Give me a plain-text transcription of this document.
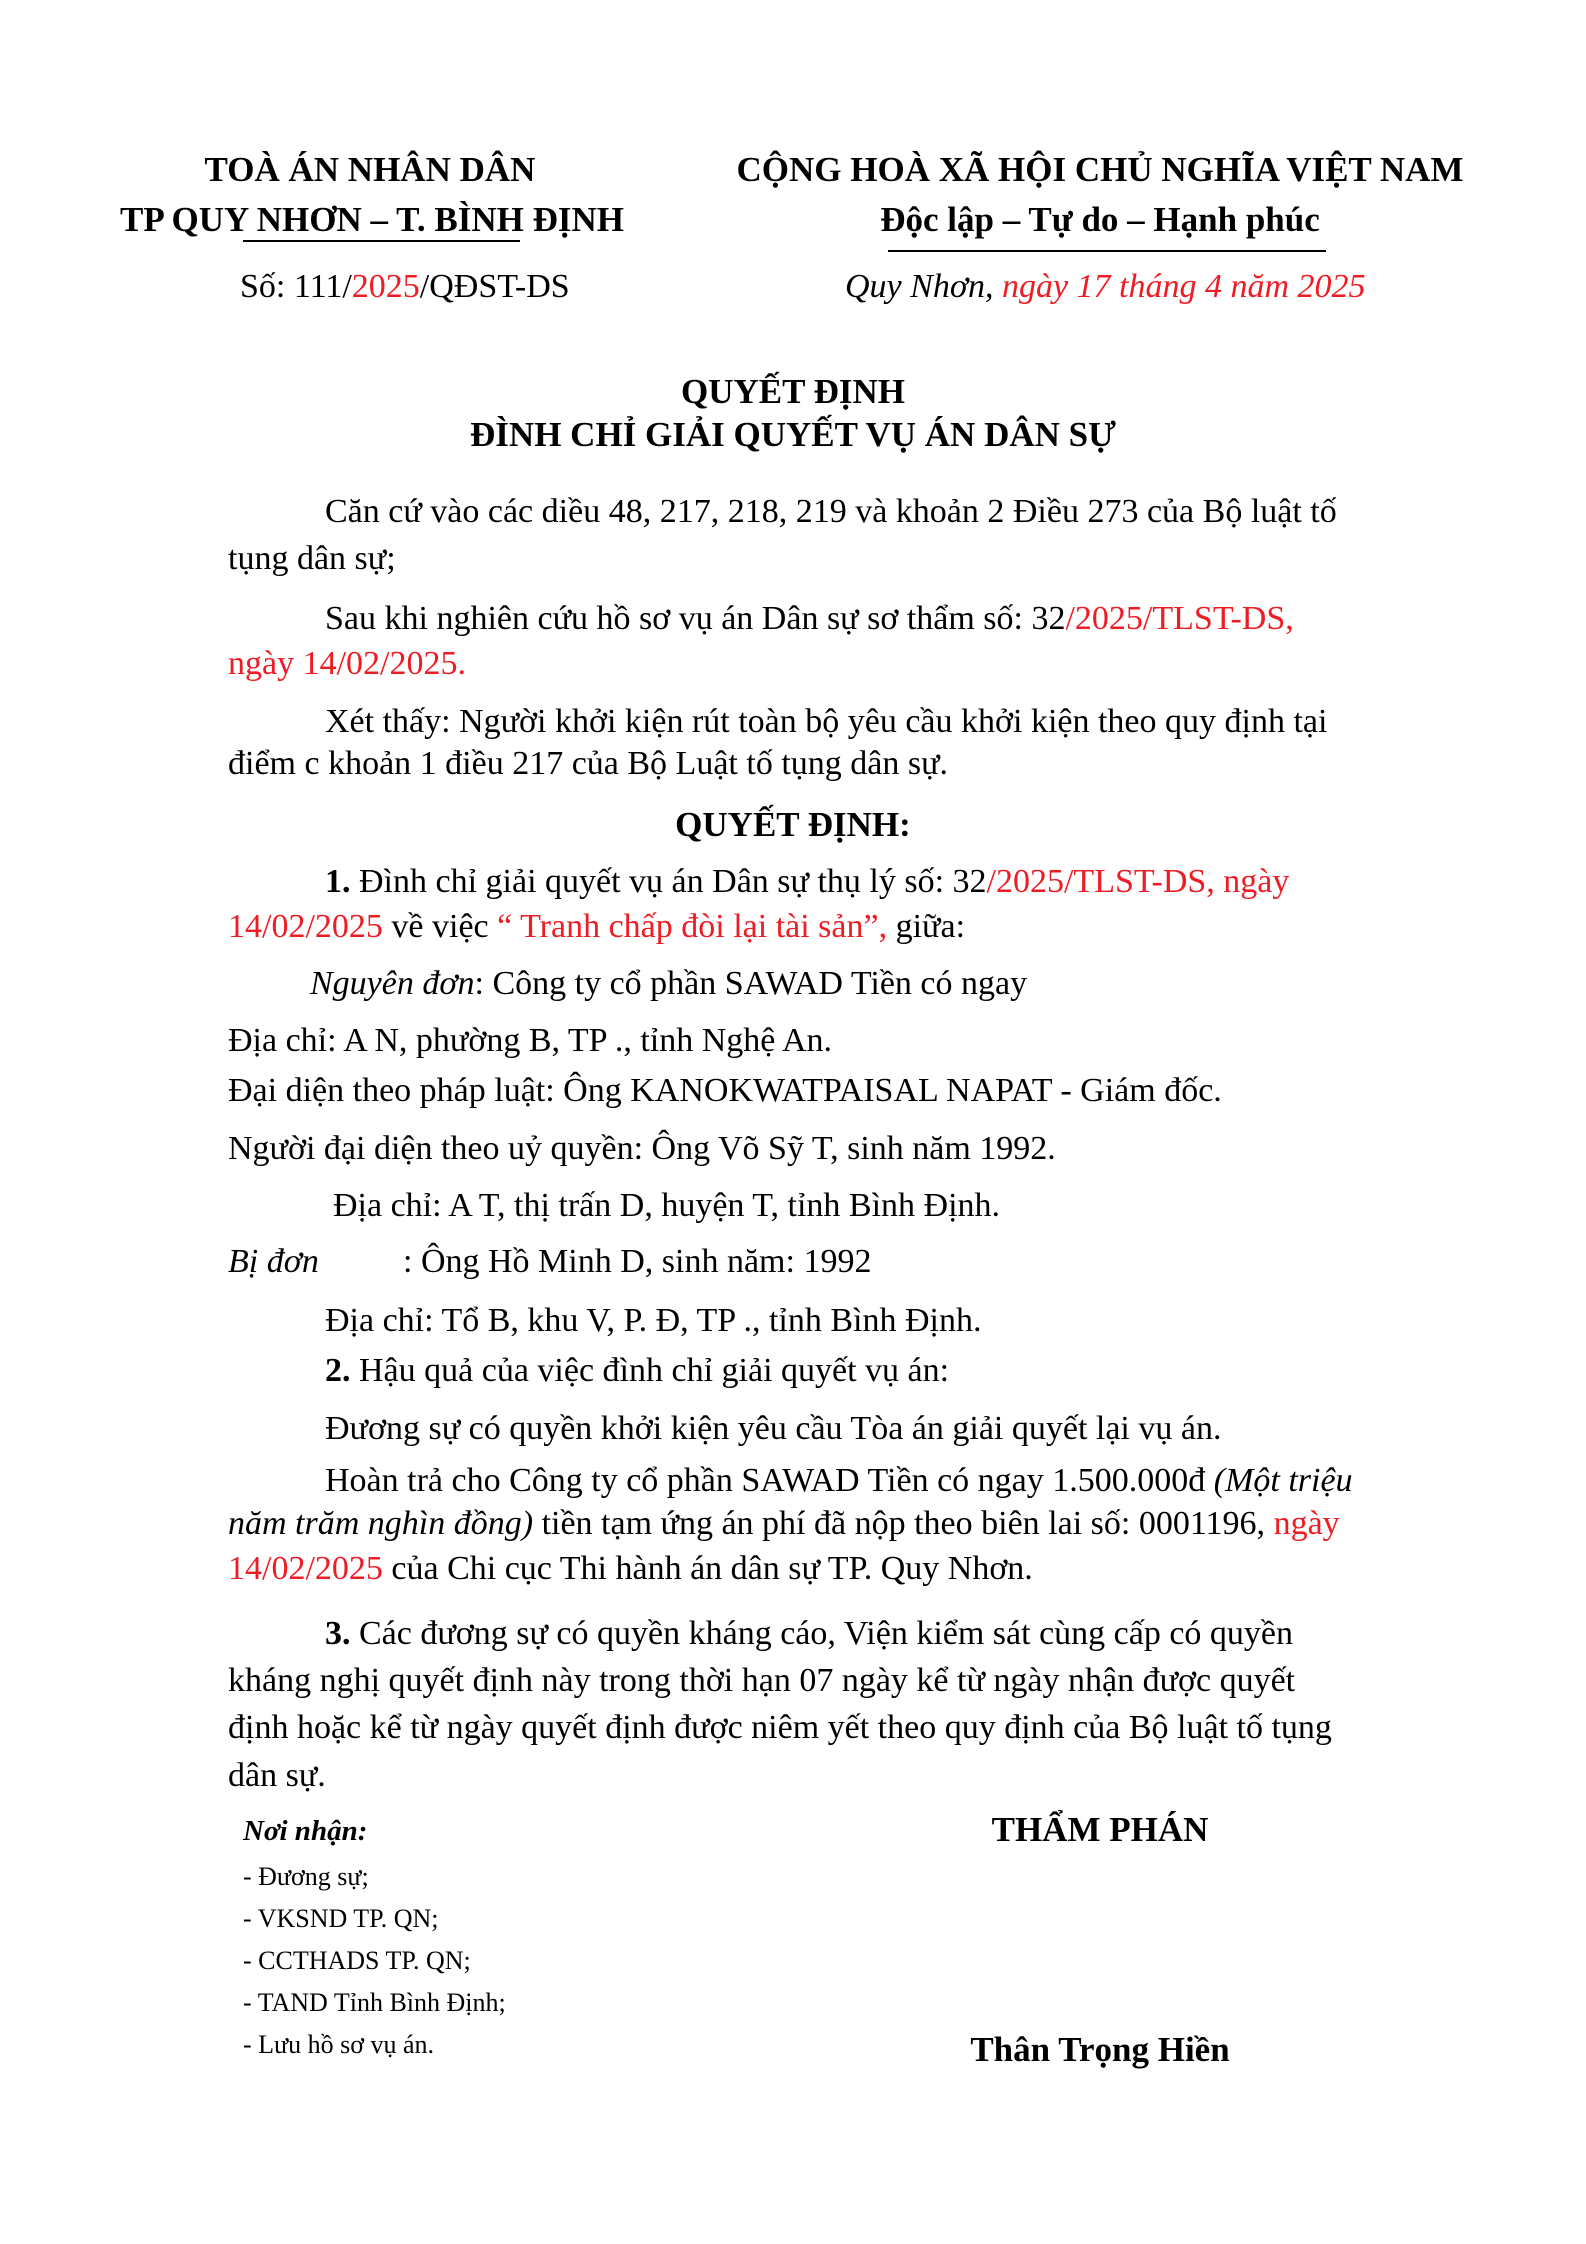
TOÀ ÁN NHÂN DÂN
TP QUY NHƠN – T. BÌNH ĐỊNH
Số: 111/2025/QĐST-DS
CỘNG HOÀ XÃ HỘI CHỦ NGHĨA VIỆT NAM
Độc lập – Tự do – Hạnh phúc
Quy Nhơn, ngày 17 tháng 4 năm 2025
QUYẾT ĐỊNH
ĐÌNH CHỈ GIẢI QUYẾT VỤ ÁN DÂN SỰ
Căn cứ vào các diều 48, 217, 218, 219 và khoản 2 Điều 273 của Bộ luật tố
tụng dân sự;
Sau khi nghiên cứu hồ sơ vụ án Dân sự sơ thẩm số: 32/2025/TLST-DS,
ngày 14/02/2025.
Xét thấy: Người khởi kiện rút toàn bộ yêu cầu khởi kiện theo quy định tại
điểm c khoản 1 điều 217 của Bộ Luật tố tụng dân sự.
QUYẾT ĐỊNH:
1. Đình chỉ giải quyết vụ án Dân sự thụ lý số: 32/2025/TLST-DS, ngày
14/02/2025 về việc “ Tranh chấp đòi lại tài sản”, giữa:
Nguyên đơn: Công ty cổ phần SAWAD Tiền có ngay
Địa chỉ: A N, phường B, TP ., tỉnh Nghệ An.
Đại diện theo pháp luật: Ông KANOKWATPAISAL NAPAT - Giám đốc.
Người đại diện theo uỷ quyền: Ông Võ Sỹ T, sinh năm 1992.
Địa chỉ: A T, thị trấn D, huyện T, tỉnh Bình Định.
Bị đơn : Ông Hồ Minh D, sinh năm: 1992
Địa chỉ: Tổ B, khu V, P. Đ, TP ., tỉnh Bình Định.
2. Hậu quả của việc đình chỉ giải quyết vụ án:
Đương sự có quyền khởi kiện yêu cầu Tòa án giải quyết lại vụ án.
Hoàn trả cho Công ty cổ phần SAWAD Tiền có ngay 1.500.000đ (Một triệu
năm trăm nghìn đồng) tiền tạm ứng án phí đã nộp theo biên lai số: 0001196, ngày
14/02/2025 của Chi cục Thi hành án dân sự TP. Quy Nhơn.
3. Các đương sự có quyền kháng cáo, Viện kiểm sát cùng cấp có quyền
kháng nghị quyết định này trong thời hạn 07 ngày kể từ ngày nhận được quyết
định hoặc kể từ ngày quyết định được niêm yết theo quy định của Bộ luật tố tụng
dân sự.
Nơi nhận:
- Đương sự;
- VKSND TP. QN;
- CCTHADS TP. QN;
- TAND Tỉnh Bình Định;
- Lưu hồ sơ vụ án.
THẨM PHÁN
Thân Trọng Hiền
